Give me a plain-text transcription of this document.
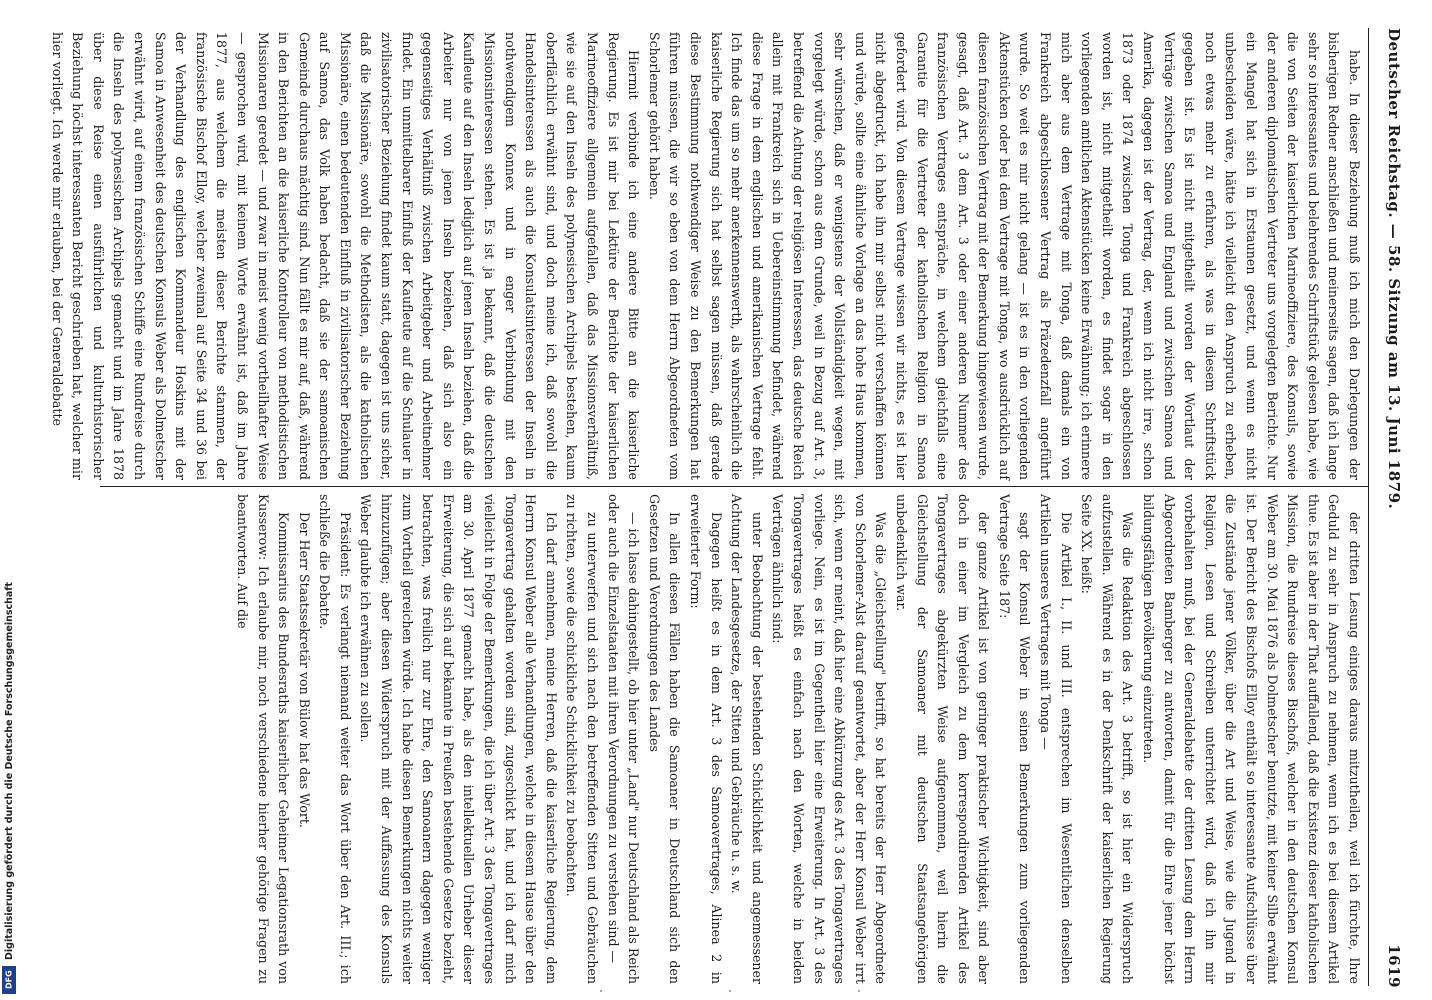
Deutscher Reichstag. — 58. Sitzung am 13. Juni 1879.
1619

der dritten Lesung einiges daraus mitzutheilen, weil ich fürchte, Ihre Geduld zu sehr in Anspruch zu nehmen, wenn ich es bei diesem Artikel thue. Es ist aber in der That auffallend, daß die Existenz dieser katholischen Mission, die Rundreise dieses Bischofs, welcher in den deutschen Konsul Weber am 30. Mai 1876 als Dolmetscher benutzte, mit keiner Silbe erwähnt ist. Der Bericht des Bischofs Elloy enthält so interessante Aufschlüsse über die Zustände jener Völker, über die Art und Weise, wie die Jugend in Religion, Lesen und Schreiben unterrichtet wird, daß ich ihn mir vorbehalten muß, bei der Generaldebatte der dritten Lesung dem Herrn Abgeordneten Bamberger zu antworten, damit für die Ehre jener höchst bildungsfähigen Bevölkerung einzutreten.

Was die Redaktion des Art. 3 betrifft, so ist hier ein Widerspruch aufzustellen. Während es in der Denkschrift der kaiserlichen Regierung Seite XX. heißt:

Die Artikel I., II. und III. entsprechen im Wesentlichen denselben Artikeln unseres Vertrages mit Tonga —

sagt der Konsul Weber in seinen Bemerkungen zum vorliegenden Vertrage Seite 187:

der ganze Artikel ist von geringer praktischer Wichtigkeit, sind aber doch in einer im Vergleich zu dem korrespondirenden Artikel des Tongavertrages abgekürzten Weise aufgenommen, weil hierin die Gleichstellung der Samoaner mit deutschen Staatsangehörigen unbedenklich war.

Was die „Gleichstellung" betrifft, so hat bereits der Herr Abgeordnete von Schorlemer-Alst darauf geantwortet, aber der Herr Konsul Weber irrt sich, wenn er meint, daß hier eine Abkürzung des Art. 3 des Tongavertrages vorliege. Nein, es ist im Gegentheil hier eine Erweiterung. In Art. 3 des Tongavertrages heißt es einfach nach den Worten, welche in beiden Verträgen ähnlich sind:

unter Beobachtung der bestehenden Schicklichkeit und angemessener Achtung der Landesgesetze, der Sitten und Gebräuche u. s. w.

Dagegen heißt es in dem Art. 3 des Samoavertrages, Alinea 2 in erweiterter Form:

In allen diesen Fällen haben die Samoaner in Deutschland sich den Gesetzen und Verordnungen des Landes

— ich lasse dahingestellt, ob hier unter „Land" nur Deutschland als Reich oder auch die Einzelstaaten mit ihren Verordnungen zu verstehen sind —

zu unterwerfen und sich nach den betreffenden Sitten und Gebräuchen zu richten, sowie die schickliche Schicklichkeit zu beobachten.

Ich darf annehmen, meine Herren, daß die kaiserliche Regierung, dem Herrn Konsul Weber alle Verhandlungen, welche in diesem Hause über den Tongavertrag gehalten worden sind, zugeschickt hat, und ich darf mich vielleicht in Folge der Bemerkungen, die ich über Art. 3 des Tongavertrages am 30. April 1877 gemacht habe, als den intellektuellen Urheber dieser Erweiterung, die sich auf bekannte in Preußen bestehende Gesetze bezieht, betrachten, was freilich nur zur Ehre, den Samoanern dagegen weniger zum Vortheil gereichen würde. Ich habe diesen Bemerkungen nichts weiter hinzuzufügen; aber diesen Widerspruch mit der Auffassung des Konsuls Weber glaubte ich erwähnen zu sollen.

Präsident: Es verlangt niemand weiter das Wort über den Art. III.; ich schließe die Debatte.

Der Herr Staatssekretär von Bülow hat das Wort.

Kommissarius des Bundesraths kaiserlicher Geheimer Legationsrath von Kusserow: Ich erlaube mir, noch verschiedene hierher gehörige Fragen zu beantworten. Auf die

habe. In dieser Beziehung muß ich mich den Darlegungen der bisherigen Redner anschließen und meinerseits sagen, daß ich lange sehr so interessantes und belehrendes Schriftstück gelesen habe, wie die von Seiten der kaiserlichen Marineoffiziere, des Konsuls, sowie der anderen diplomatischen Vertreter uns vorgelegten Berichte. Nur ein Mangel hat sich in Erstaunen gesetzt, und wenn es nicht unbescheiden wäre, hätte ich vielleicht den Anspruch zu erheben, noch etwas mehr zu erfahren, als was in diesem Schriftstück gegeben ist. Es ist nicht mitgetheilt worden der Wortlaut der Verträge zwischen Samoa und England und zwischen Samoa und Amerika, dagegen ist der Vertrag, der, wenn ich nicht irre, schon 1873 oder 1874 zwischen Tonga und Frankreich abgeschlossen worden ist, nicht mitgetheilt worden, es findet sogar in den vorliegenden amtlichen Aktenstücken keine Erwähnung; ich erinnere mich aber aus dem Vertrage mit Tonga, daß damals ein von Frankreich abgeschlossener Vertrag als Präzedenzfall angeführt wurde. So weit es mir nicht gelang — ist es in den vorliegenden Aktenstücken oder bei dem Vertrage mit Tonga, wo ausdrücklich auf diesen französischen Vertrag mit der Bemerkung hingewiesen wurde, gesagt, daß Art. 3 dem Art. 3 oder einer anderen Nummer des französischen Vertrages entspräche, in welchem gleichfalls eine Garantie für die Vertreter der katholischen Religion in Samoa gefordert wird. Von diesem Vertrage wissen wir nichts, es ist hier nicht abgedruckt, ich habe ihn mir selbst nicht verschaffen können und würde, sollte eine ähnliche Vorlage an das hohe Haus kommen, sehr wünschen, daß er wenigstens der Vollständigkeit wegen, mit vorgelegt würde, schon aus dem Grunde, weil in Bezug auf Art. 3, betreffend die Achtung der religiösen Interessen, das deutsche Reich allein mit Frankreich sich in Uebereinstimmung befindet, während diese Frage in dem englischen und amerikanischen Vertrage fehlt. Ich finde das um so mehr anerkennenswerth, als wahrscheinlich die kaiserliche Regierung sich hat selbst sagen müssen, daß gerade diese Bestimmung nothwendiger Weise zu den Bemerkungen hat führen müssen, die wir so eben von dem Herrn Abgeordneten vom Schorlemer gehört haben.

Hiermit verbinde ich eine andere Bitte an die kaiserliche Regierung. Es ist mir bei Lektüre der Berichte der kaiserlichen Marineoffiziere allgemein aufgefallen, daß das Missionsverhältniß, wie sie auf den Inseln des polynesischen Archipels bestehen, kaum oberflächlich erwähnt sind, und doch meine ich, daß sowohl die Handelsinteressen als auch die Konsulatsinteressen der Inseln in nothwendigem Konnex und in enger Verbindung mit den Missionsinteressen stehen. Es ist ja bekannt, daß die deutschen Kaufleute auf den Inseln lediglich auf jenen Inseln beziehen, daß die Arbeiter nur von jenen Inseln beziehen, daß sich also ein gegenseitiges Verhältniß zwischen Arbeitgeber und Arbeitnehmer findet. Ein unmittelbarer Einfluß der Kaufleute auf die Schulauer in zivilisatorischer Beziehung findet kaum statt, dagegen ist uns sicher, daß die Missionäre, sowohl die Methodisten, als die katholischen Missionäre, einen bedeutenden Einfluß in zivilisatorischer Beziehung auf Samoa, das Volk haben bedacht, daß sie der samoanischen Gemeinde durchaus mächtig sind. Nun fällt es mir auf, daß, während in den Berichten an die kaiserliche Kontrolleur von methodistischen Missionaren geredet — und zwar in meist wenig vortheilhafter Weise — gesprochen wird, mit keinem Worte erwähnt ist, daß im Jahre 1877, aus welchem die meisten dieser Berichte stammen, der französische Bischof Elloy, welcher zweimal auf Seite 34 und 36 bei der Verhandlung des englischen Kommandeur Hoskins mit der Samoa in Anwesenheit des deutschen Konsuls Weber als Dolmetscher erwähnt wird, auf einem französischen Schiffe eine Rundreise durch die Inseln des polynesischen Archipels gemacht und im Jahre 1878 über diese Reise einen ausführlichen und kulturhistorischer Beziehung höchst interessanten Bericht geschrieben hat, welcher mir hier vorliegt. Ich werde mir erlauben, bei der Generaldebatte

Digitalisierung gefördert durch die Deutsche Forschungsgemeinschaft
DFG
